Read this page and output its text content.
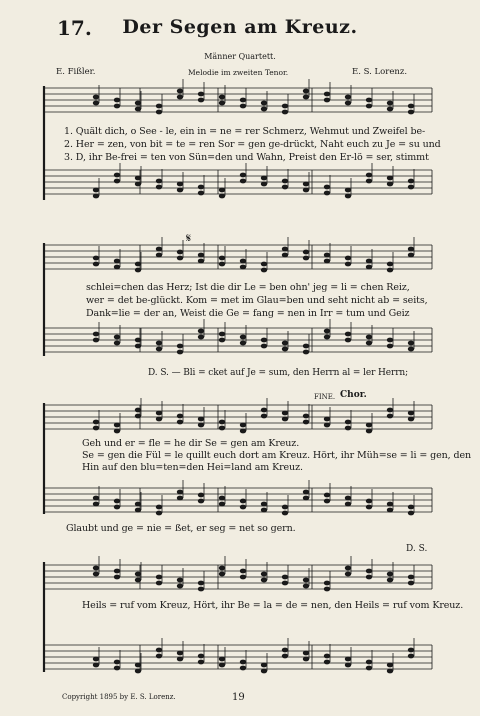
17.	Der Segen am Kreuz.
Männer Quartett.
E. Fißler.	Melodie im zweiten Tenor.	E. S. Lorenz.
𝄋
1. Quält dich, o See - le, ein in = ne = rer Schmerz, Wehmut und Zweifel be-
2. Her = zen, von bit = te = ren Sor = gen ge-drückt, Naht euch zu Je = su und
3. D, ihr Be-frei = ten von Sün=den und Wahn, Preist den Er-lö = ser, stimmt
schlei=chen das Herz; Ist die dir Le = ben ohn' jeg = li = chen Reiz,
wer = det be-glückt. Kom = met im Glau=ben und seht nicht ab = seits,
Dank=lie = der an, Weist die Ge = fang = nen in Irr = tum und Geiz
D. S. — Bli = cket auf Je = sum, den Herrn al = ler Herrn;
FINE. Chor.
Geh und er = fle = he dir Se = gen am Kreuz.
Se = gen die Fül = le quillt euch dort am Kreuz. Hört, ihr Müh=se = li = gen, den
Hin auf den blu=ten=den Hei=land am Kreuz.
Glaubt und ge = nie = ßet, er seg = net so gern.
D. S.
Heils = ruf vom Kreuz, Hört, ihr Be = la = de = nen, den Heils = ruf vom Kreuz.
Copyright 1895 by E. S. Lorenz.	19
